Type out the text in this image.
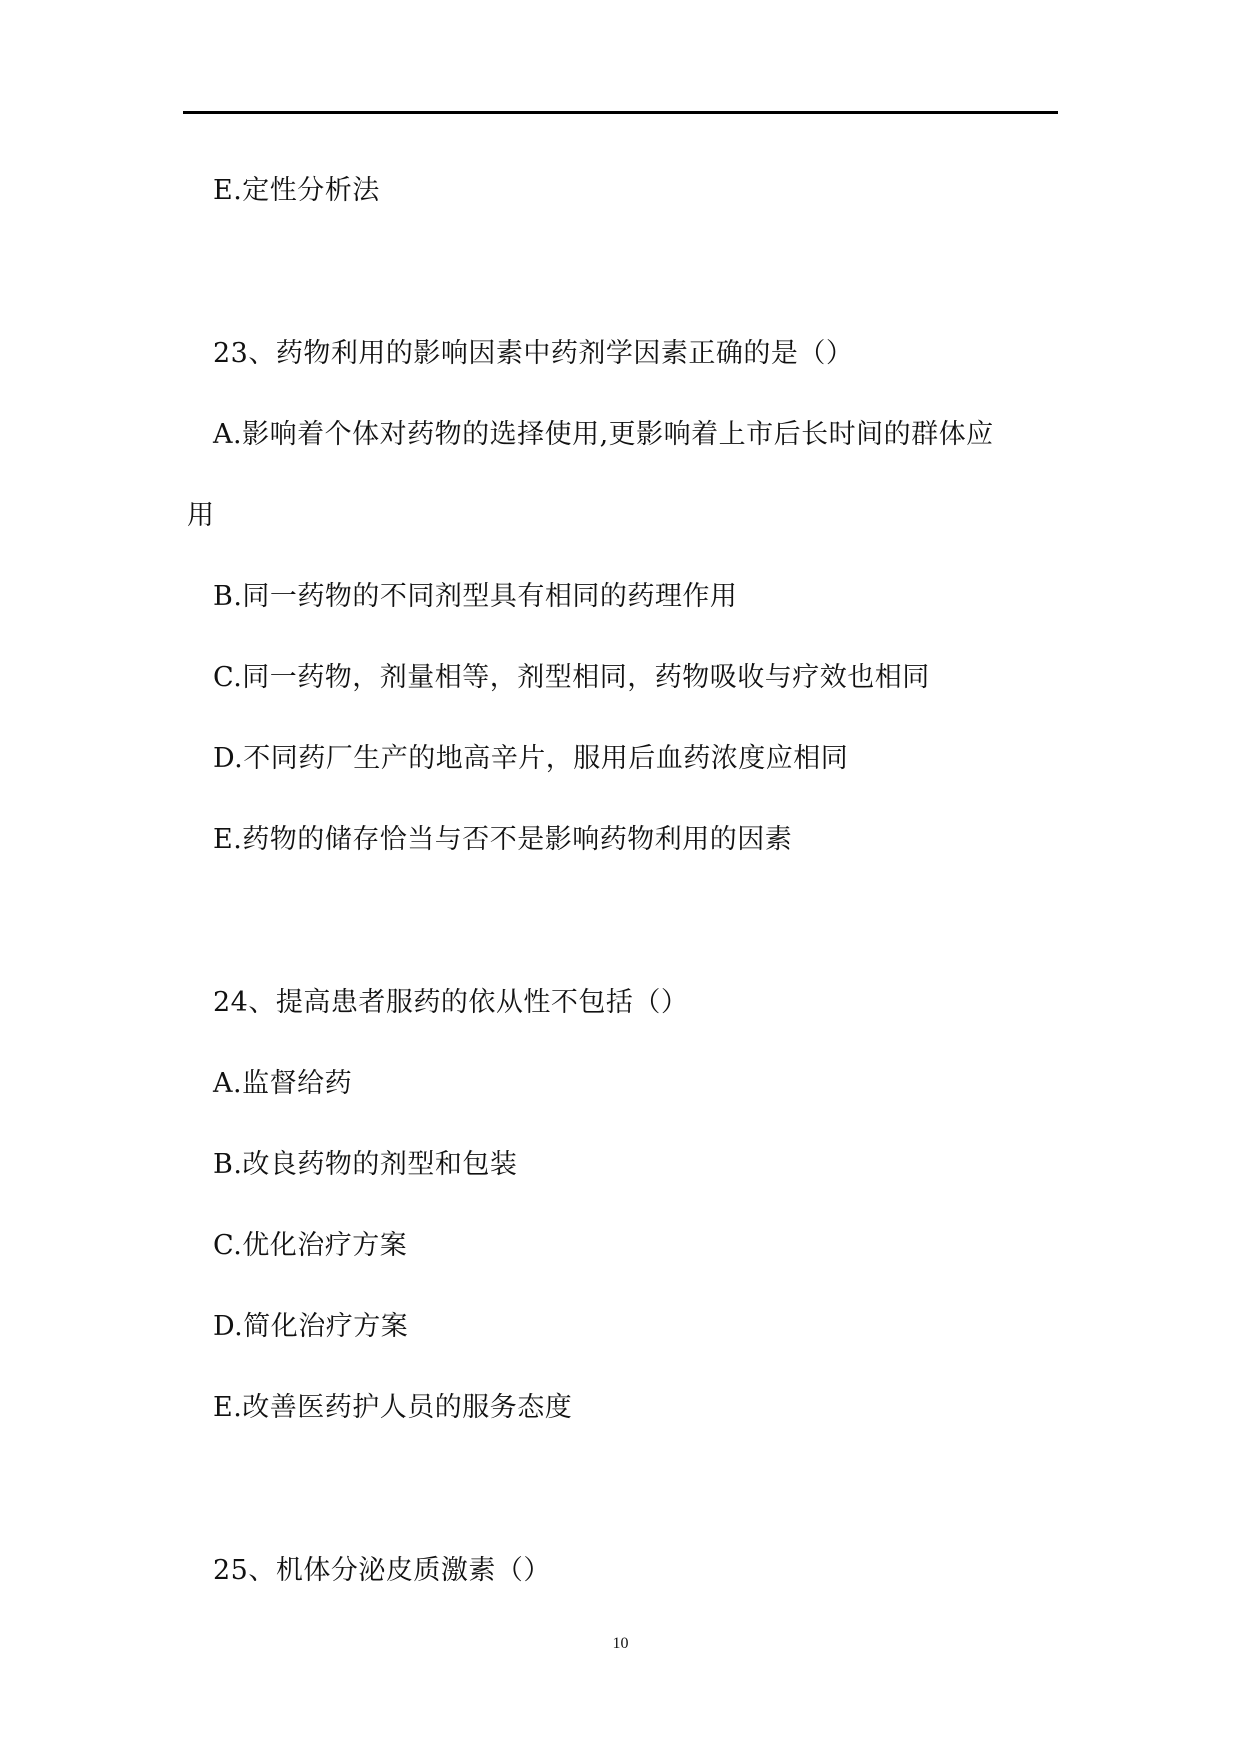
E.定性分析法
23、药物利用的影响因素中药剂学因素正确的是（）
A.影响着个体对药物的选择使用,更影响着上市后长时间的群体应
用
B.同一药物的不同剂型具有相同的药理作用
C.同一药物，剂量相等，剂型相同，药物吸收与疗效也相同
D.不同药厂生产的地高辛片，服用后血药浓度应相同
E.药物的储存恰当与否不是影响药物利用的因素
24、提高患者服药的依从性不包括（）
A.监督给药
B.改良药物的剂型和包装
C.优化治疗方案
D.简化治疗方案
E.改善医药护人员的服务态度
25、机体分泌皮质激素（）
10
